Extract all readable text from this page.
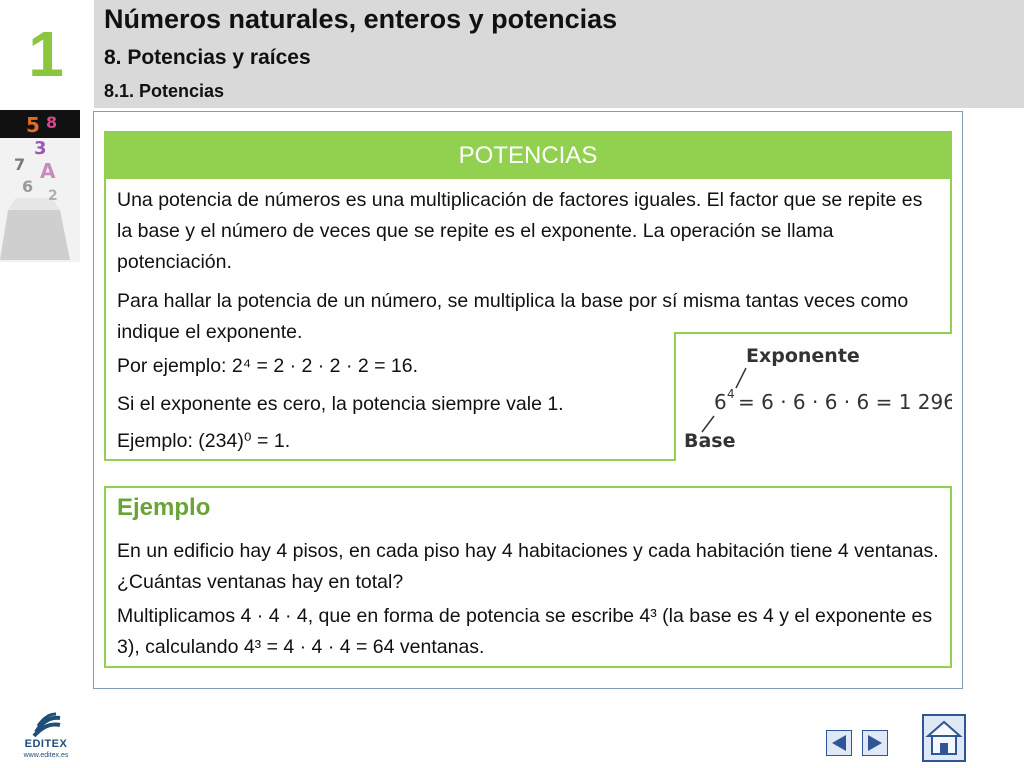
1	Números naturales, enteros y potencias
8. Potencias y raíces
8.1. Potencias
5 8
3
7 A
6 2
POTENCIAS
Una potencia de números es una multiplicación de factores iguales. El factor que se repite es la base y el número de veces que se repite es el exponente. La operación se llama potenciación.
Para hallar la potencia de un número, se multiplica la base por sí misma tantas veces como indique el exponente.
Por ejemplo: 2⁴ = 2 · 2 · 2 · 2 = 16.
Si el exponente es cero, la potencia siempre vale 1.
Ejemplo: (234)⁰ = 1.
Exponente
6 4 = 6 · 6 · 6 · 6 = 1 296
Base
Ejemplo
En un edificio hay 4 pisos, en cada piso hay 4 habitaciones y cada habitación tiene 4 ventanas. ¿Cuántas ventanas hay en total?
Multiplicamos 4 · 4 · 4, que en forma de potencia se escribe 4³ (la base es 4 y el exponente es 3), calculando 4³ = 4 · 4 · 4 = 64 ventanas.
EDITEX
www.editex.es
